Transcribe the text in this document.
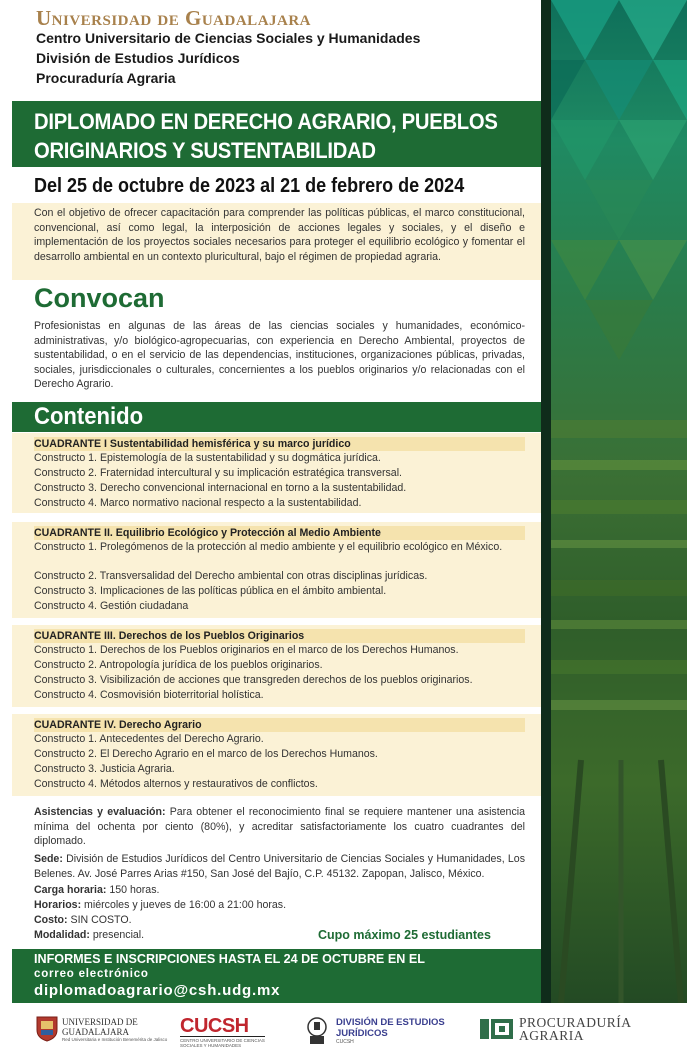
Universidad de Guadalajara
Centro Universitario de Ciencias Sociales y Humanidades
División de Estudios Jurídicos
Procuraduría Agraria
DIPLOMADO EN DERECHO AGRARIO, PUEBLOS
ORIGINARIOS Y SUSTENTABILIDAD
Del 25 de octubre de 2023 al 21 de febrero de 2024
Con el objetivo de ofrecer capacitación para comprender las políticas públicas, el marco constitucional, convencional, así como legal, la interposición de acciones legales y sociales, y el diseño e implementación de los proyectos sociales necesarios para proteger el equilibrio ecológico y fomentar el desarrollo ambiental en un contexto pluricultural, bajo el régimen de propiedad agraria.
Convocan
Profesionistas en algunas de las áreas de las ciencias sociales y humanidades, económico-administrativas, y/o biológico-agropecuarias, con experiencia en Derecho Ambiental, proyectos de sustentabilidad, o en el servicio de las dependencias, instituciones, organizaciones públicas, privadas, sociales, jurisdiccionales o culturales, concernientes a los pueblos originarios y/o relacionadas con el Derecho Agrario.
Contenido
CUADRANTE I Sustentabilidad hemisférica y su marco jurídico
Constructo 1. Epistemología de la sustentabilidad y su dogmática jurídica.
Constructo 2. Fraternidad intercultural y su implicación estratégica transversal.
Constructo 3. Derecho convencional internacional en torno a la sustentabilidad.
Constructo 4. Marco normativo nacional respecto a la sustentabilidad.
CUADRANTE II. Equilibrio Ecológico y Protección al Medio Ambiente
Constructo 1. Prolegómenos de la protección al medio ambiente y el equilibrio ecológico en México.
Constructo 2. Transversalidad del Derecho ambiental con otras disciplinas jurídicas.
Constructo 3. Implicaciones de las políticas pública en el ámbito ambiental.
Constructo 4. Gestión ciudadana
CUADRANTE III. Derechos de los Pueblos Originarios
Constructo 1. Derechos de los Pueblos originarios en el marco de los Derechos Humanos.
Constructo 2. Antropología jurídica de los pueblos originarios.
Constructo 3. Visibilización de acciones que transgreden derechos de los pueblos originarios.
Constructo 4. Cosmovisión bioterritorial holística.
CUADRANTE IV. Derecho Agrario
Constructo 1. Antecedentes del Derecho Agrario.
Constructo 2. El Derecho Agrario en el marco de los Derechos Humanos.
Constructo 3. Justicia Agraria.
Constructo 4. Métodos alternos y restaurativos de conflictos.
Asistencias y evaluación: Para obtener el reconocimiento final se requiere mantener una asistencia mínima del ochenta por ciento (80%), y acreditar satisfactoriamente los cuatro cuadrantes del diplomado.
Sede: División de Estudios Jurídicos del Centro Universitario de Ciencias Sociales y Humanidades, Los Belenes. Av. José Parres Arias #150, San José del Bajío, C.P. 45132. Zapopan, Jalisco, México.
Carga horaria: 150 horas.
Horarios: miércoles y jueves de 16:00 a 21:00 horas.
Costo: SIN COSTO.
Modalidad: presencial.	Cupo máximo 25 estudiantes
INFORMES E INSCRIPCIONES HASTA EL 24 DE OCTUBRE EN EL
correo electrónico
diplomadoagrario@csh.udg.mx
UNIVERSIDAD DE
GUADALAJARA
Red Universitaria e Institución Benemérita de Jalisco
CUCSH
CENTRO UNIVERSITARIO DE CIENCIAS SOCIALES Y HUMANIDADES
DIVISIÓN DE ESTUDIOS
JURÍDICOS
CUCSH
PROCURADURÍA
AGRARIA
